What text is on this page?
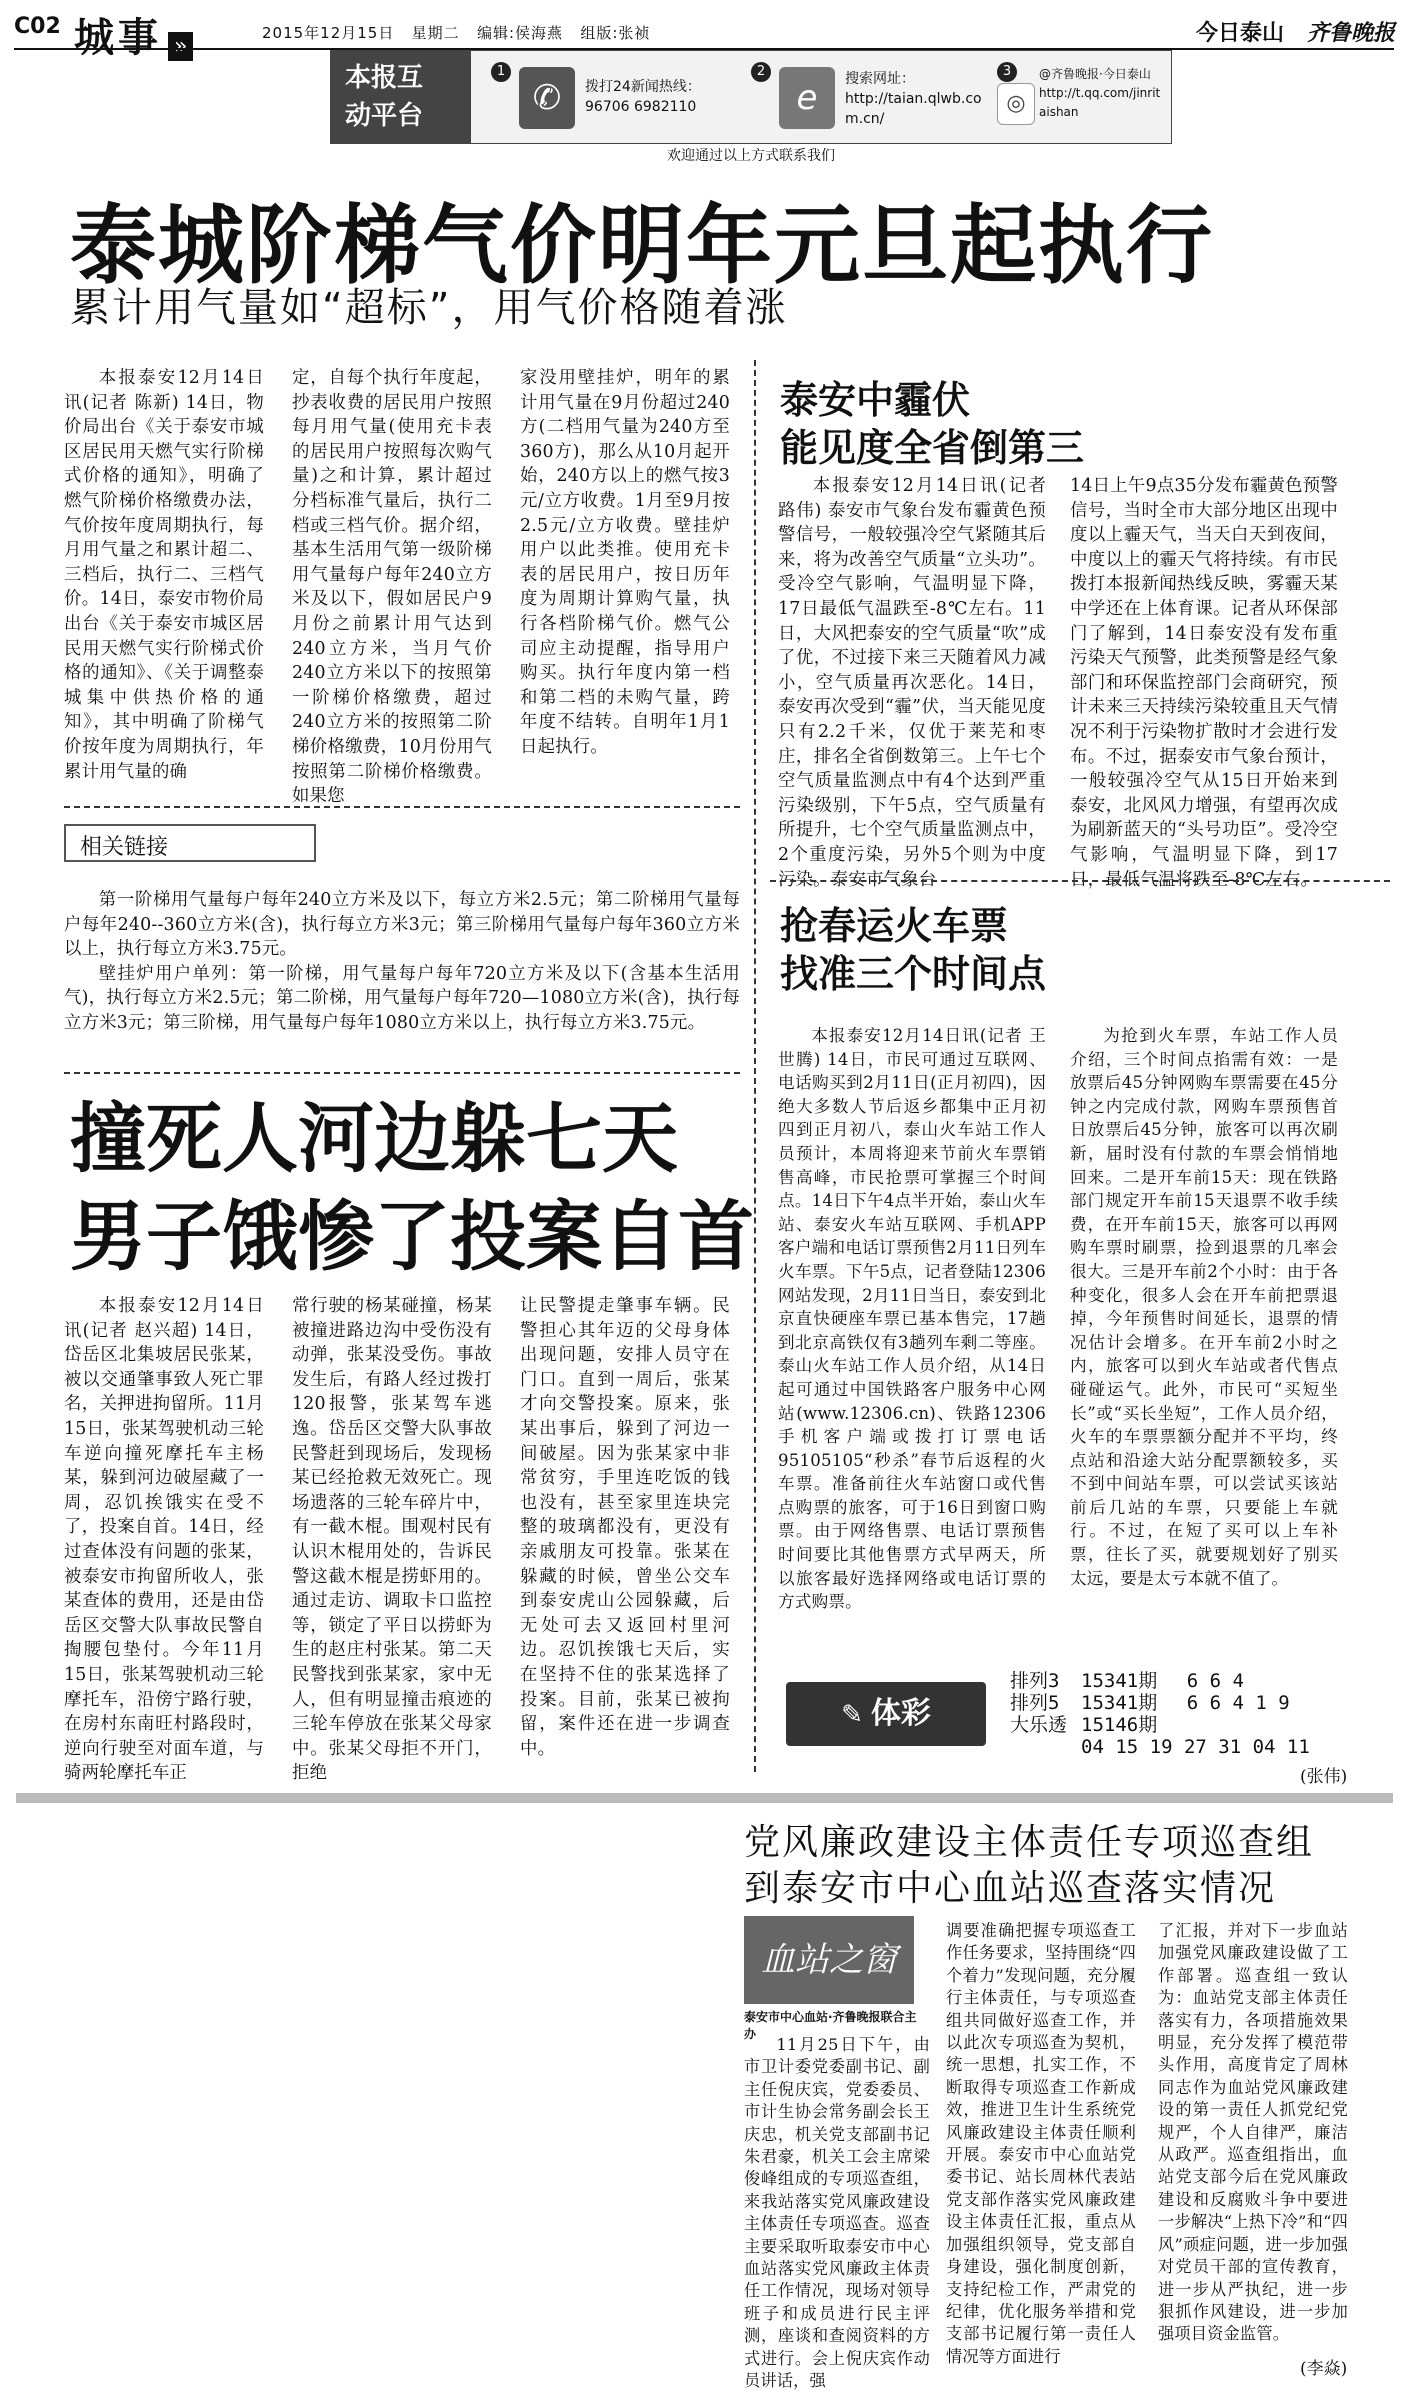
C02 城事 »
2015年12月15日 星期二 编辑:侯海燕 组版:张祯	今日泰山 齐鲁晚报
本报互
动平台
1
✆	拨打24新闻热线：
96706 6982110
2
e	搜索网址：
http://taian.qlwb.com.cn/
3
◎
@齐鲁晚报·今日泰山
http://t.qq.com/jinritaishan
欢迎通过以上方式联系我们
泰城阶梯气价明年元旦起执行
累计用气量如“超标”，用气价格随着涨

本报泰安12月14日讯(记者 陈新) 14日，物价局出台《关于泰安市城区居民用天燃气实行阶梯式价格的通知》，明确了燃气阶梯价格缴费办法，气价按年度周期执行，每月用气量之和累计超二、三档后，执行二、三档气价。14日，泰安市物价局出台《关于泰安市城区居民用天燃气实行阶梯式价格的通知》、《关于调整泰城集中供热价格的通知》，其中明确了阶梯气价按年度为周期执行，年累计用气量的确

定，自每个执行年度起，抄表收费的居民用户按照每月用气量(使用充卡表的居民用户按照每次购气量)之和计算，累计超过分档标准气量后，执行二档或三档气价。据介绍，基本生活用气第一级阶梯用气量每户每年240立方米及以下，假如居民户9月份之前累计用气达到240立方米，当月气价240立方米以下的按照第一阶梯价格缴费，超过240立方米的按照第二阶梯价格缴费，10月份用气按照第二阶梯价格缴费。如果您

家没用壁挂炉，明年的累计用气量在9月份超过240方(二档用气量为240方至360方)，那么从10月起开始，240方以上的燃气按3元/立方收费。1月至9月按2.5元/立方收费。壁挂炉用户以此类推。使用充卡表的居民用户，按日历年度为周期计算购气量，执行各档阶梯气价。燃气公司应主动提醒，指导用户购买。执行年度内第一档和第二档的未购气量，跨年度不结转。自明年1月1日起执行。

相关链接

第一阶梯用气量每户每年240立方米及以下，每立方米2.5元；第二阶梯用气量每户每年240--360立方米(含)，执行每立方米3元；第三阶梯用气量每户每年360立方米以上，执行每立方米3.75元。

壁挂炉用户单列：第一阶梯，用气量每户每年720立方米及以下(含基本生活用气)，执行每立方米2.5元；第二阶梯，用气量每户每年720—1080立方米(含)，执行每立方米3元；第三阶梯，用气量每户每年1080立方米以上，执行每立方米3.75元。

撞死人河边躲七天
男子饿惨了投案自首

本报泰安12月14日讯(记者 赵兴超) 14日，岱岳区北集坡居民张某，被以交通肇事致人死亡罪名，关押进拘留所。11月15日，张某驾驶机动三轮车逆向撞死摩托车主杨某，躲到河边破屋藏了一周，忍饥挨饿实在受不了，投案自首。14日，经过查体没有问题的张某，被泰安市拘留所收人，张某查体的费用，还是由岱岳区交警大队事故民警自掏腰包垫付。今年11月15日，张某驾驶机动三轮摩托车，沿傍宁路行驶，在房村东南旺村路段时，逆向行驶至对面车道，与骑两轮摩托车正

常行驶的杨某碰撞，杨某被撞进路边沟中受伤没有动弹，张某没受伤。事故发生后，有路人经过拨打120报警，张某驾车逃逸。岱岳区交警大队事故民警赶到现场后，发现杨某已经抢救无效死亡。现场遗落的三轮车碎片中，有一截木棍。围观村民有认识木棍用处的，告诉民警这截木棍是捞虾用的。通过走访、调取卡口监控等，锁定了平日以捞虾为生的赵庄村张某。第二天民警找到张某家，家中无人，但有明显撞击痕迹的三轮车停放在张某父母家中。张某父母拒不开门，拒绝

让民警提走肇事车辆。民警担心其年迈的父母身体出现问题，安排人员守在门口。直到一周后，张某才向交警投案。原来，张某出事后，躲到了河边一间破屋。因为张某家中非常贫穷，手里连吃饭的钱也没有，甚至家里连块完整的玻璃都没有，更没有亲戚朋友可投靠。张某在躲藏的时候，曾坐公交车到泰安虎山公园躲藏，后无处可去又返回村里河边。忍饥挨饿七天后，实在坚持不住的张某选择了投案。目前，张某已被拘留，案件还在进一步调查中。

泰安中霾伏
能见度全省倒第三

本报泰安12月14日讯(记者 路伟) 泰安市气象台发布霾黄色预警信号，一般较强冷空气紧随其后来，将为改善空气质量“立头功”。受冷空气影响，气温明显下降，17日最低气温跌至-8℃左右。11日，大风把泰安的空气质量“吹”成了优，不过接下来三天随着风力减小，空气质量再次恶化。14日，泰安再次受到“霾”伏，当天能见度只有2.2千米，仅优于莱芜和枣庄，排名全省倒数第三。上午七个空气质量监测点中有4个达到严重污染级别，下午5点，空气质量有所提升，七个空气质量监测点中，2个重度污染，另外5个则为中度污染。泰安市气象台

14日上午9点35分发布霾黄色预警信号，当时全市大部分地区出现中度以上霾天气，当天白天到夜间，中度以上的霾天气将持续。有市民拨打本报新闻热线反映，雾霾天某中学还在上体育课。记者从环保部门了解到，14日泰安没有发布重污染天气预警，此类预警是经气象部门和环保监控部门会商研究，预计未来三天持续污染较重且天气情况不利于污染物扩散时才会进行发布。不过，据泰安市气象台预计，一般较强冷空气从15日开始来到泰安，北风风力增强，有望再次成为刷新蓝天的“头号功臣”。受冷空气影响，气温明显下降，到17日，最低气温将跌至-8℃左右。

抢春运火车票
找准三个时间点

本报泰安12月14日讯(记者 王世腾) 14日，市民可通过互联网、电话购买到2月11日(正月初四)，因绝大多数人节后返乡都集中正月初四到正月初八，泰山火车站工作人员预计，本周将迎来节前火车票销售高峰，市民抢票可掌握三个时间点。14日下午4点半开始，泰山火车站、泰安火车站互联网、手机APP客户端和电话订票预售2月11日列车火车票。下午5点，记者登陆12306网站发现，2月11日当日，泰安到北京直快硬座车票已基本售完，17趟到北京高铁仅有3趟列车剩二等座。泰山火车站工作人员介绍，从14日起可通过中国铁路客户服务中心网站(www.12306.cn)、铁路12306手机客户端或拨打订票电话95105105“秒杀”春节后返程的火车票。准备前往火车站窗口或代售点购票的旅客，可于16日到窗口购票。由于网络售票、电话订票预售时间要比其他售票方式早两天，所以旅客最好选择网络或电话订票的方式购票。

为抢到火车票，车站工作人员介绍，三个时间点掐需有效：一是放票后45分钟网购车票需要在45分钟之内完成付款，网购车票预售首日放票后45分钟，旅客可以再次刷新，届时没有付款的车票会悄悄地回来。二是开车前15天：现在铁路部门规定开车前15天退票不收手续费，在开车前15天，旅客可以再网购车票时刷票，捡到退票的几率会很大。三是开车前2个小时：由于各种变化，很多人会在开车前把票退掉，今年预售时间延长，退票的情况估计会增多。在开车前2小时之内，旅客可以到火车站或者代售点碰碰运气。此外，市民可“买短坐长”或“买长坐短”，工作人员介绍，火车的车票票额分配并不平均，终点站和沿途大站分配票额较多，买不到中间站车票，可以尝试买该站前后几站的车票，只要能上车就行。不过，在短了买可以上车补票，往长了买，就要规划好了别买太远，要是太亏本就不值了。

✎ 体彩
排列3	15341期	6 6 4
排列5	15341期	6 6 4 1 9
大乐透	15146期	
	04 15 19 27 31 04 11	
(张伟)
党风廉政建设主体责任专项巡查组
到泰安市中心血站巡查落实情况
血站之窗
泰安市中心血站·齐鲁晚报联合主办

11月25日下午，由市卫计委党委副书记、副主任倪庆宾，党委委员、市计生协会常务副会长王庆忠，机关党支部副书记朱君豪，机关工会主席梁俊峰组成的专项巡查组，来我站落实党风廉政建设主体责任专项巡查。巡查主要采取听取泰安市中心血站落实党风廉政主体责任工作情况，现场对领导班子和成员进行民主评测，座谈和查阅资料的方式进行。会上倪庆宾作动员讲话，强

调要准确把握专项巡查工作任务要求，坚持围绕“四个着力”发现问题，充分履行主体责任，与专项巡查组共同做好巡查工作，并以此次专项巡查为契机，统一思想，扎实工作，不断取得专项巡查工作新成效，推进卫生计生系统党风廉政建设主体责任顺利开展。泰安市中心血站党委书记、站长周林代表站党支部作落实党风廉政建设主体责任汇报，重点从加强组织领导，党支部自身建设，强化制度创新，支持纪检工作，严肃党的纪律，优化服务举措和党支部书记履行第一责任人情况等方面进行

了汇报，并对下一步血站加强党风廉政建设做了工作部署。巡查组一致认为：血站党支部主体责任落实有力，各项措施效果明显，充分发挥了模范带头作用，高度肯定了周林同志作为血站党风廉政建设的第一责任人抓党纪党规严，个人自律严，廉洁从政严。巡查组指出，血站党支部今后在党风廉政建设和反腐败斗争中要进一步解决“上热下冷”和“四风”顽症问题，进一步加强对党员干部的宣传教育，进一步从严执纪，进一步狠抓作风建设，进一步加强项目资金监管。

(李焱)
